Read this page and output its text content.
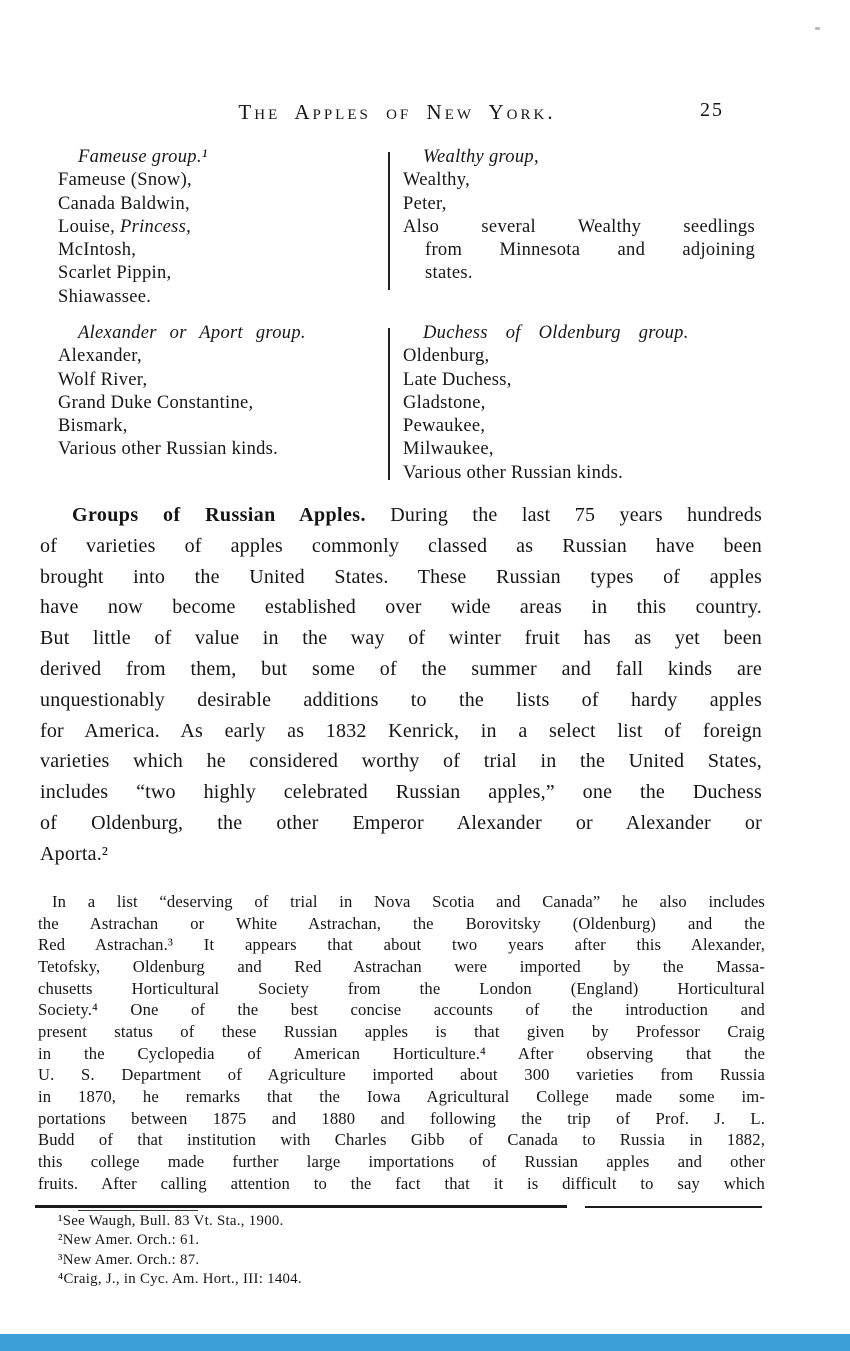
The Apples of New York.	25
Fameuse group.¹
Fameuse (Snow),
Canada Baldwin,
Louise, Princess,
McIntosh,
Scarlet Pippin,
Shiawassee.
Wealthy group,
Wealthy,
Peter,
Also several Wealthy seedlings
from Minnesota and adjoining
states.
Alexander or Aport group.
Alexander,
Wolf River,
Grand Duke Constantine,
Bismark,
Various other Russian kinds.
Duchess of Oldenburg group.
Oldenburg,
Late Duchess,
Gladstone,
Pewaukee,
Milwaukee,
Various other Russian kinds.
Groups of Russian Apples. During the last 75 years hundreds
of varieties of apples commonly classed as Russian have been
brought into the United States. These Russian types of apples
have now become established over wide areas in this country.
But little of value in the way of winter fruit has as yet been
derived from them, but some of the summer and fall kinds are
unquestionably desirable additions to the lists of hardy apples
for America. As early as 1832 Kenrick, in a select list of foreign
varieties which he considered worthy of trial in the United States,
includes “two highly celebrated Russian apples,” one the Duchess
of Oldenburg, the other Emperor Alexander or Alexander or
Aporta.²
In a list “deserving of trial in Nova Scotia and Canada” he also includes
the Astrachan or White Astrachan, the Borovitsky (Oldenburg) and the
Red Astrachan.³ It appears that about two years after this Alexander,
Tetofsky, Oldenburg and Red Astrachan were imported by the Massa-
chusetts Horticultural Society from the London (England) Horticultural
Society.⁴ One of the best concise accounts of the introduction and
present status of these Russian apples is that given by Professor Craig
in the Cyclopedia of American Horticulture.⁴ After observing that the
U. S. Department of Agriculture imported about 300 varieties from Russia
in 1870, he remarks that the Iowa Agricultural College made some im-
portations between 1875 and 1880 and following the trip of Prof. J. L.
Budd of that institution with Charles Gibb of Canada to Russia in 1882,
this college made further large importations of Russian apples and other
fruits. After calling attention to the fact that it is difficult to say which
¹See Waugh, Bull. 83 Vt. Sta., 1900.
²New Amer. Orch.: 61.
³New Amer. Orch.: 87.
⁴Craig, J., in Cyc. Am. Hort., III: 1404.
